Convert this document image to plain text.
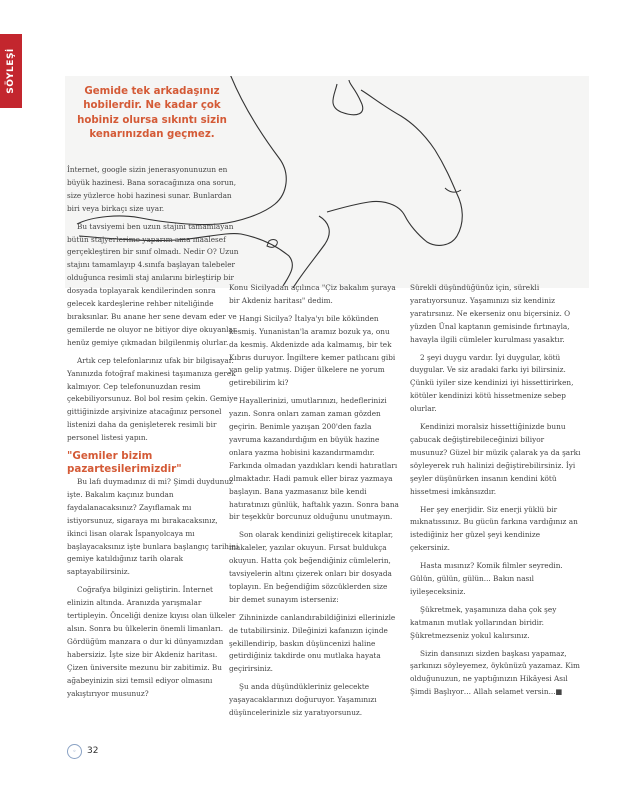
SÖYLEŞİ	Gemide tek arkadaşınız hobilerdir. Ne kadar çok hobiniz olursa sıkıntı sizin kenarınızdan geçmez.

İnternet, google sizin jenerasyonunuzun en büyük hazinesi. Bana soracağınıza ona sorun, size yüzlerce hobi hazinesi sunar. Bunlardan biri veya birkaçı size uyar.

Bu tavsiyemi ben uzun stajını tamamlayan bütün stajyerlerime yaparım ama maalesef gerçekleştiren bir sınıf olmadı. Nedir O? Uzun stajını tamamlayıp 4.sınıfa başlayan talebeler olduğunca resimli staj anılarını birleştirip bir dosyada toplayarak kendilerinden sonra gelecek kardeşlerine rehber niteliğinde bıraksınlar. Bu anane her sene devam eder ve gemilerde ne oluyor ne bitiyor diye okuyanlar henüz gemiye çıkmadan bilgilenmiş olurlar.

Artık cep telefonlarınız ufak bir bilgisayar. Yanınızda fotoğraf makinesi taşımanıza gerek kalmıyor. Cep telefonunuzdan resim çekebiliyorsunuz. Bol bol resim çekin. Gemiye gittiğinizde arşivinize atacağınız personel listenizi daha da genişleterek resimli bir personel listesi yapın.

"Gemiler bizim pazartesilerimizdir"

Bu lafı duymadınız di mi? Şimdi duydunuz işte. Bakalım kaçınız bundan faydalanacaksınız? Zayıflamak mı istiyorsunuz, sigaraya mı bırakacaksınız, ikinci lisan olarak İspanyolcaya mı başlayacaksınız işte bunlara başlangıç tarihini gemiye katıldığınız tarih olarak saptayabilirsiniz.

Coğrafya bilginizi geliştirin. İnternet elinizin altında. Aranızda yarışmalar tertipleyin. Önceliği denize kıyısı olan ülkeler alsın. Sonra bu ülkelerin önemli limanları. Gördüğüm manzara o dur ki dünyamızdan habersiziz. İşte size bir Akdeniz haritası. Çizen üniversite mezunu bir zabitimiz. Bu ağabeyinizin sizi temsil ediyor olmasını yakıştırıyor musunuz?

Konu Sicilyadan açılınca "Çiz bakalım şuraya bir Akdeniz haritası" dedim.

Hangi Sicilya? İtalya'yı bile kökünden kesmiş. Yunanistan'la aramız bozuk ya, onu da kesmiş. Akdenizde ada kalmamış, bir tek Kıbrıs duruyor. İngiltere kemer patlıcanı gibi yan gelip yatmış. Diğer ülkelere ne yorum getirebilirim ki?

Hayallerinizi, umutlarınızı, hedeflerinizi yazın. Sonra onları zaman zaman gözden geçirin. Benimle yazışan 200'den fazla yavruma kazandırdığım en büyük hazine onlara yazma hobisini kazandırmamdır. Farkında olmadan yazdıkları kendi hatıratları olmaktadır. Hadi pamuk eller biraz yazmaya başlayın. Bana yazmasanız bile kendi hatıratınızı günlük, haftalık yazın. Sonra bana bir teşekkür borcunuz olduğunu unutmayın.

Son olarak kendinizi geliştirecek kitaplar, makaleler, yazılar okuyun. Fırsat buldukça okuyun. Hatta çok beğendiğiniz cümlelerin, tavsiyelerin altını çizerek onları bir dosyada toplayın. En beğendiğim sözcüklerden size bir demet sunayım isterseniz:

Zihninizde canlandırabildiğinizi ellerinizle de tutabilirsiniz. Dileğinizi kafanızın içinde şekillendirip, baskın düşüncenizi haline getirdiğiniz takdirde onu mutlaka hayata geçirirsiniz.

Şu anda düşündükleriniz gelecekte yaşayacaklarınızı doğuruyor. Yaşamınızı düşüncelerinizle siz yaratıyorsunuz.

Sürekli düşündüğünüz için, sürekli yaratıyorsunuz. Yaşamınızı siz kendiniz yaratırsınız. Ne ekerseniz onu biçersiniz. O yüzden Ünal kaptanın gemisinde fırtınayla, havayla ilgili cümleler kurulması yasaktır.

2 şeyi duygu vardır. İyi duygular, kötü duygular. Ve siz aradaki farkı iyi bilirsiniz. Çünkü iyiler size kendinizi iyi hissettirirken, kötüler kendinizi kötü hissetmenize sebep olurlar.

Kendinizi moralsiz hissettiğinizde bunu çabucak değiştirebileceğinizi biliyor musunuz? Güzel bir müzik çalarak ya da şarkı söyleyerek ruh halinizi değiştirebilirsiniz. İyi şeyler düşünürken insanın kendini kötü hissetmesi imkânsızdır.

Her şey enerjidir. Siz enerji yüklü bir mıknatıssınız. Bu gücün farkına vardığınız an istediğiniz her güzel şeyi kendinize çekersiniz.

Hasta mısınız? Komik filmler seyredin. Gülün, gülün, gülün... Bakın nasıl iyileşeceksiniz.

Şükretmek, yaşamınıza daha çok şey katmanın mutlak yollarından biridir. Şükretmezseniz yokul kalırsınız.

Sizin dansınızı sizden başkası yapamaz, şarkınızı söyleyemez, öykünüzü yazamaz. Kim olduğunuzun, ne yaptığınızın Hikâyesi Asıl Şimdi Başlıyor… Allah selamet versin...■

◦	32
